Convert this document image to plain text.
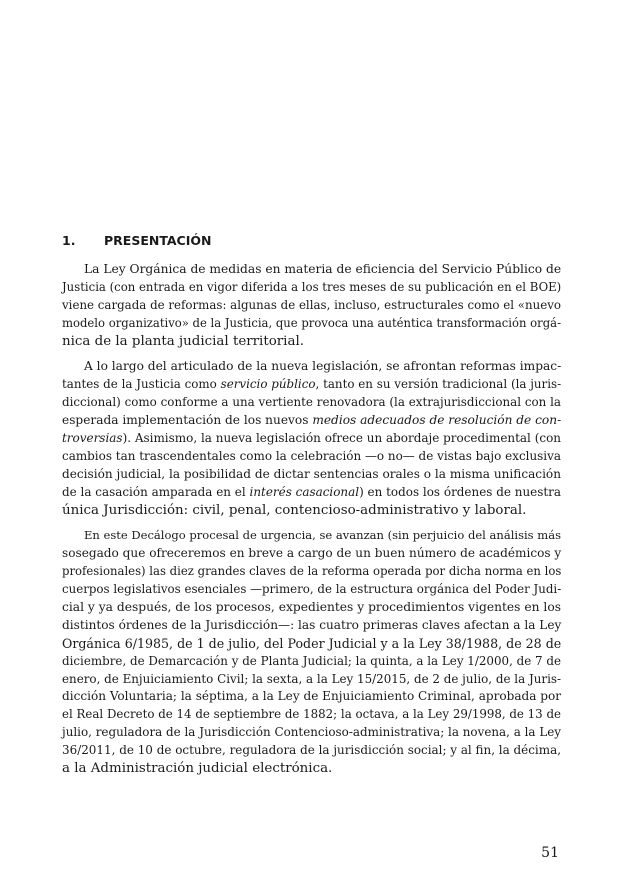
1. PRESENTACIÓN
La Ley Orgánica de medidas en materia de eficiencia del Servicio Público de
Justicia (con entrada en vigor diferida a los tres meses de su publicación en el BOE)
viene cargada de reformas: algunas de ellas, incluso, estructurales como el «nuevo
modelo organizativo» de la Justicia, que provoca una auténtica transformación orgá-
nica de la planta judicial territorial.
A lo largo del articulado de la nueva legislación, se afrontan reformas impac-
tantes de la Justicia como servicio público, tanto en su versión tradicional (la juris-
diccional) como conforme a una vertiente renovadora (la extrajurisdiccional con la
esperada implementación de los nuevos medios adecuados de resolución de con-
troversias). Asimismo, la nueva legislación ofrece un abordaje procedimental (con
cambios tan trascendentales como la celebración —o no— de vistas bajo exclusiva
decisión judicial, la posibilidad de dictar sentencias orales o la misma unificación
de la casación amparada en el interés casacional) en todos los órdenes de nuestra
única Jurisdicción: civil, penal, contencioso-administrativo y laboral.
En este Decálogo procesal de urgencia, se avanzan (sin perjuicio del análisis más
sosegado que ofreceremos en breve a cargo de un buen número de académicos y
profesionales) las diez grandes claves de la reforma operada por dicha norma en los
cuerpos legislativos esenciales —primero, de la estructura orgánica del Poder Judi-
cial y ya después, de los procesos, expedientes y procedimientos vigentes en los
distintos órdenes de la Jurisdicción—: las cuatro primeras claves afectan a la Ley
Orgánica 6/1985, de 1 de julio, del Poder Judicial y a la Ley 38/1988, de 28 de
diciembre, de Demarcación y de Planta Judicial; la quinta, a la Ley 1/2000, de 7 de
enero, de Enjuiciamiento Civil; la sexta, a la Ley 15/2015, de 2 de julio, de la Juris-
dicción Voluntaria; la séptima, a la Ley de Enjuiciamiento Criminal, aprobada por
el Real Decreto de 14 de septiembre de 1882; la octava, a la Ley 29/1998, de 13 de
julio, reguladora de la Jurisdicción Contencioso-administrativa; la novena, a la Ley
36/2011, de 10 de octubre, reguladora de la jurisdicción social; y al fin, la décima,
a la Administración judicial electrónica.
51
